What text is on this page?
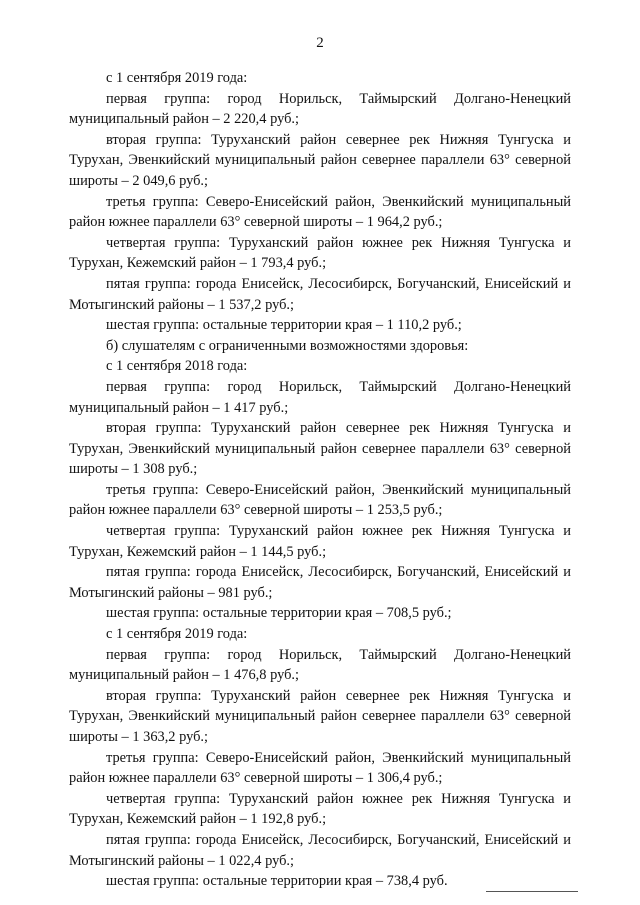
2

с 1 сентября 2019 года:

первая группа: город Норильск, Таймырский Долгано-Ненецкий муниципальный район – 2 220,4 руб.;

вторая группа: Туруханский район севернее рек Нижняя Тунгуска и Турухан, Эвенкийский муниципальный район севернее параллели 63° северной широты – 2 049,6 руб.;

третья группа: Северо-Енисейский район, Эвенкийский муниципальный район южнее параллели 63° северной широты – 1 964,2 руб.;

четвертая группа: Туруханский район южнее рек Нижняя Тунгуска и Турухан, Кежемский район – 1 793,4 руб.;

пятая группа: города Енисейск, Лесосибирск, Богучанский, Енисейский и Мотыгинский районы – 1 537,2 руб.;

шестая группа: остальные территории края – 1 110,2 руб.;

б) слушателям с ограниченными возможностями здоровья:

с 1 сентября 2018 года:

первая группа: город Норильск, Таймырский Долгано-Ненецкий муниципальный район – 1 417 руб.;

вторая группа: Туруханский район севернее рек Нижняя Тунгуска и Турухан, Эвенкийский муниципальный район севернее параллели 63° северной широты – 1 308 руб.;

третья группа: Северо-Енисейский район, Эвенкийский муниципальный район южнее параллели 63° северной широты – 1 253,5 руб.;

четвертая группа: Туруханский район южнее рек Нижняя Тунгуска и Турухан, Кежемский район – 1 144,5 руб.;

пятая группа: города Енисейск, Лесосибирск, Богучанский, Енисейский и Мотыгинский районы – 981 руб.;

шестая группа: остальные территории края – 708,5 руб.;

с 1 сентября 2019 года:

первая группа: город Норильск, Таймырский Долгано-Ненецкий муниципальный район – 1 476,8 руб.;

вторая группа: Туруханский район севернее рек Нижняя Тунгуска и Турухан, Эвенкийский муниципальный район севернее параллели 63° северной широты – 1 363,2 руб.;

третья группа: Северо-Енисейский район, Эвенкийский муниципальный район южнее параллели 63° северной широты – 1 306,4 руб.;

четвертая группа: Туруханский район южнее рек Нижняя Тунгуска и Турухан, Кежемский район – 1 192,8 руб.;

пятая группа: города Енисейск, Лесосибирск, Богучанский, Енисейский и Мотыгинский районы – 1 022,4 руб.;

шестая группа: остальные территории края – 738,4 руб.
